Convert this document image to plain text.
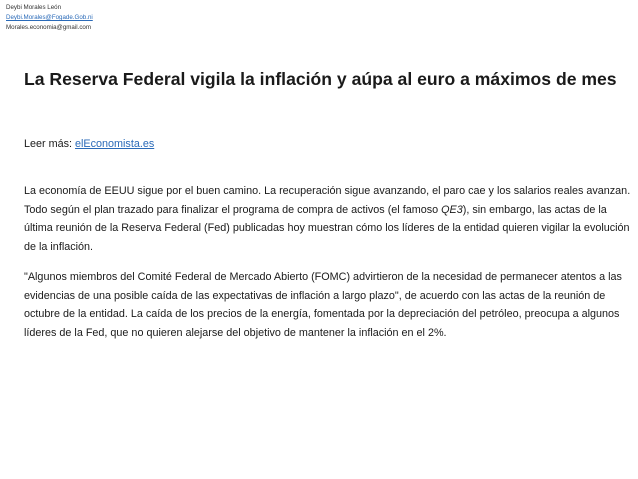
Deybi Morales León
Deybi.Morales@Fogade.Gob.ni
Morales.economia@gmail.com
La Reserva Federal vigila la inflación y aúpa al euro a máximos de mes
Leer más: elEconomista.es

La economía de EEUU sigue por el buen camino. La recuperación sigue avanzando, el paro cae y los salarios reales avanzan. Todo según el plan trazado para finalizar el programa de compra de activos (el famoso QE3), sin embargo, las actas de la última reunión de la Reserva Federal (Fed) publicadas hoy muestran cómo los líderes de la entidad quieren vigilar la evolución de la inflación.

"Algunos miembros del Comité Federal de Mercado Abierto (FOMC) advirtieron de la necesidad de permanecer atentos a las evidencias de una posible caída de las expectativas de inflación a largo plazo", de acuerdo con las actas de la reunión de octubre de la entidad. La caída de los precios de la energía, fomentada por la depreciación del petróleo, preocupa a algunos líderes de la Fed, que no quieren alejarse del objetivo de mantener la inflación en el 2%.
